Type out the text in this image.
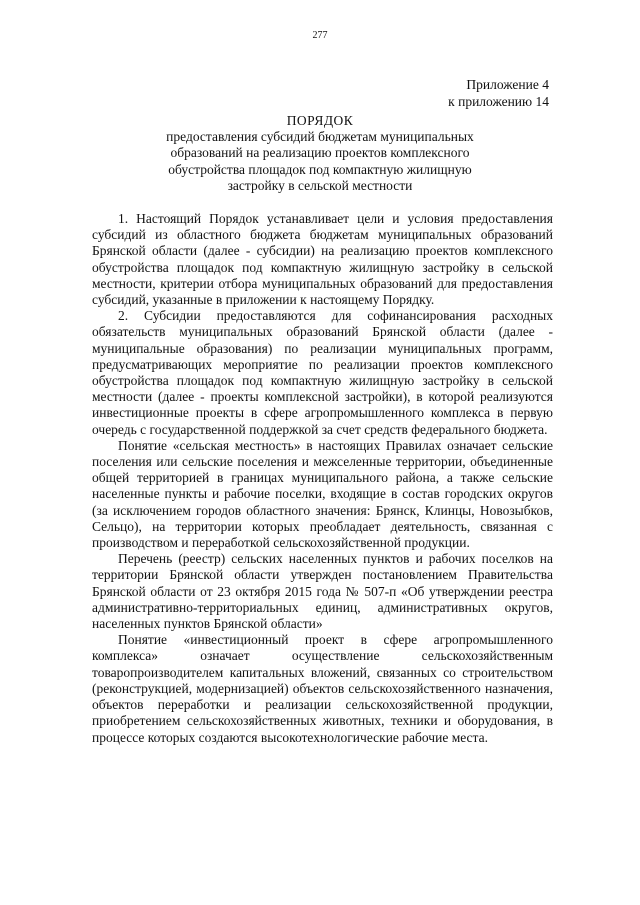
277
Приложение 4
к приложению 14
ПОРЯДОК
предоставления субсидий бюджетам муниципальных образований на реализацию проектов комплексного обустройства площадок под компактную жилищную застройку в сельской местности

1. Настоящий Порядок устанавливает цели и условия предоставления субсидий из областного бюджета бюджетам муниципальных образований Брянской области (далее - субсидии) на реализацию проектов комплексного обустройства площадок под компактную жилищную застройку в сельской местности, критерии отбора муниципальных образований для предоставления субсидий, указанные в приложении к настоящему Порядку.

2. Субсидии предоставляются для софинансирования расходных обязательств муниципальных образований Брянской области (далее - муниципальные образования) по реализации муниципальных программ, предусматривающих мероприятие по реализации проектов комплексного обустройства площадок под компактную жилищную застройку в сельской местности (далее - проекты комплексной застройки), в которой реализуются инвестиционные проекты в сфере агропромышленного комплекса в первую очередь с государственной поддержкой за счет средств федерального бюджета.

Понятие «сельская местность» в настоящих Правилах означает сельские поселения или сельские поселения и межселенные территории, объединенные общей территорией в границах муниципального района, а также сельские населенные пункты и рабочие поселки, входящие в состав городских округов (за исключением городов областного значения: Брянск, Клинцы, Новозыбков, Сельцо), на территории которых преобладает деятельность, связанная с производством и переработкой сельскохозяйственной продукции.

Перечень (реестр) сельских населенных пунктов и рабочих поселков на территории Брянской области утвержден постановлением Правительства Брянской области от 23 октября 2015 года № 507-п «Об утверждении реестра административно-территориальных единиц, административных округов, населенных пунктов Брянской области»

Понятие «инвестиционный проект в сфере агропромышленного комплекса» означает осуществление сельскохозяйственным товаропроизводителем капитальных вложений, связанных со строительством (реконструкцией, модернизацией) объектов сельскохозяйственного назначения, объектов переработки и реализации сельскохозяйственной продукции, приобретением сельскохозяйственных животных, техники и оборудования, в процессе которых создаются высокотехнологические рабочие места.
